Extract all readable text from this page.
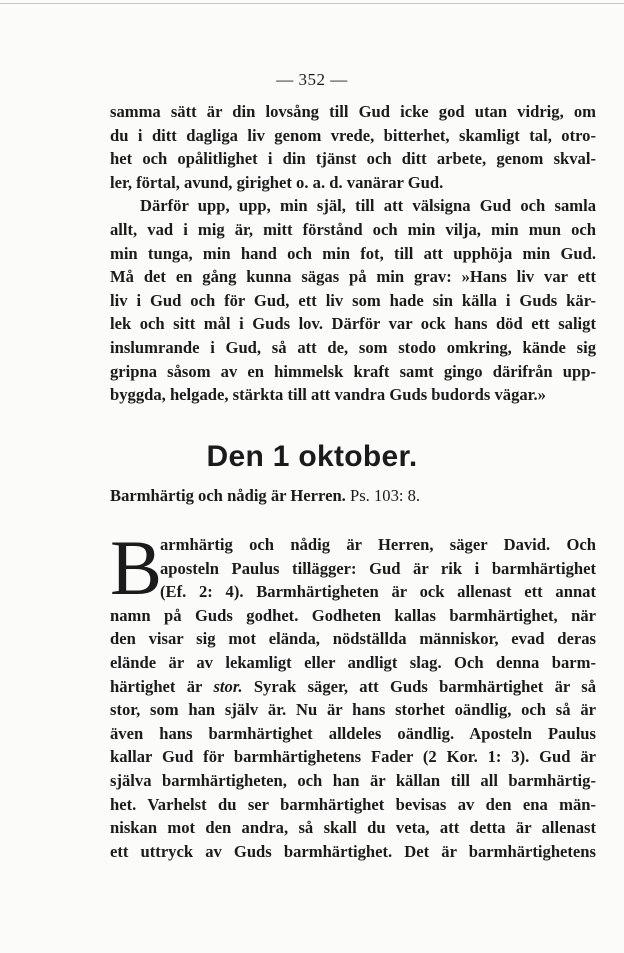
— 352 —
samma sätt är din lovsång till Gud icke god utan vidrig, om
du i ditt dagliga liv genom vrede, bitterhet, skamligt tal, otro-
het och opålitlighet i din tjänst och ditt arbete, genom skval-
ler, förtal, avund, girighet o. a. d. vanärar Gud.
Därför upp, upp, min själ, till att välsigna Gud och samla
allt, vad i mig är, mitt förstånd och min vilja, min mun och
min tunga, min hand och min fot, till att upphöja min Gud.
Må det en gång kunna sägas på min grav: »Hans liv var ett
liv i Gud och för Gud, ett liv som hade sin källa i Guds kär-
lek och sitt mål i Guds lov. Därför var ock hans död ett saligt
inslumrande i Gud, så att de, som stodo omkring, kände sig
gripna såsom av en himmelsk kraft samt gingo därifrån upp-
byggda, helgade, stärkta till att vandra Guds budords vägar.»
Den 1 oktober.
Barmhärtig och nådig är Herren. Ps. 103: 8.
B
armhärtig och nådig är Herren, säger David. Och
aposteln Paulus tillägger: Gud är rik i barmhärtighet
(Ef. 2: 4). Barmhärtigheten är ock allenast ett annat
namn på Guds godhet. Godheten kallas barmhärtighet, när
den visar sig mot eländа, nödställda människor, evad deras
elände är av lekamligt eller andligt slag. Och denna barm-
härtighet är stor. Syrak säger, att Guds barmhärtighet är så
stor, som han själv är. Nu är hans storhet oändlig, och så är
även hans barmhärtighet alldeles oändlig. Aposteln Paulus
kallar Gud för barmhärtighetens Fader (2 Kor. 1: 3). Gud är
själva barmhärtigheten, och han är källan till all barmhärtig-
het. Varhelst du ser barmhärtighet bevisas av den ena män-
niskan mot den andra, så skall du veta, att detta är allenast
ett uttryck av Guds barmhärtighet. Det är barmhärtighetens
